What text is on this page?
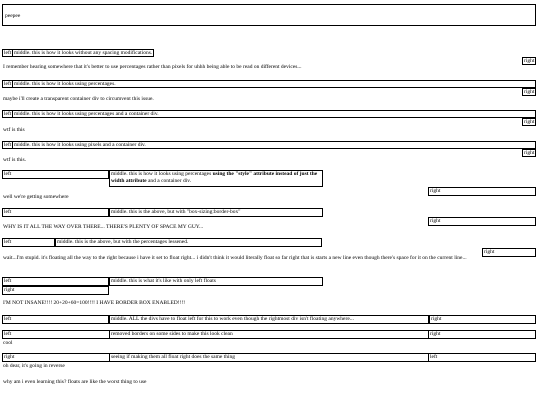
peepee
left middle. this is how it looks without any spacing modifications.
right
I remember hearing somewhere that it's better to use percentages rather than pixels for uhhh being able to be read on different devices...
left middle. this is how it looks using percentages.
right
maybe i'll create a transparent container div to circumvent this issue.
left middle. this is how it looks using percentages and a container div.
right
wtf is this
left middle. this is how it looks using pixels and a container div.
right
wtf is this.
left	middle. this is how it looks using percentages using the "style" attribute instead of just the width attribute and a container div.
right
well we're getting somewhere
left	middle. this is the above, but with "box-sizing:border-box"
right
WHY IS IT ALL THE WAY OVER THERE... THERE'S PLENTY OF SPACE MY GUY...
left	middle. this is the above, but with the percentages lessened.
right
wait...I'm stupid. it's floating all the way to the right because i have it set to float right... i didn't think it would literally float so far right that is starts a new line even though there's space for it on the current line...
left	middle. this is what it's like with only left floats
right
I'M NOT INSANE!!!! 20+20+60=100!!!! I HAVE BORDER BOX ENABLED!!!!
left	middle. ALL the divs have to float left for this to work even though the rightmost div isn't floating anywhere...	right
left	removed borders on some sides to make this look clean	right
cool
right	seeing if making them all float right does the same thing	left
oh dear, it's going in reverse
why am i even learning this? floats are like the worst thing to use
